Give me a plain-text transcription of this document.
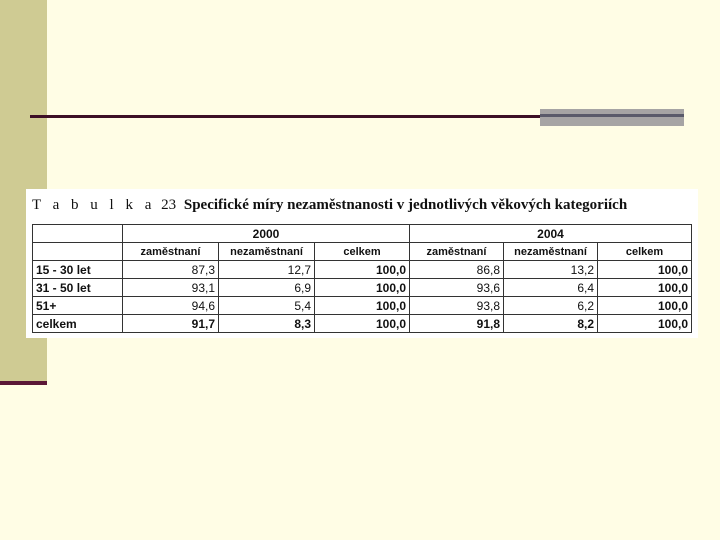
T a b u l k a 23 Specifické míry nezaměstnanosti v jednotlivých věkových kategoriích
	2000			2004		
	zaměstnaní	nezaměstnaní	celkem	zaměstnaní	nezaměstnaní	celkem
15 - 30 let	87,3	12,7	100,0	86,8	13,2	100,0
31 - 50 let	93,1	6,9	100,0	93,6	6,4	100,0
51+	94,6	5,4	100,0	93,8	6,2	100,0
celkem	91,7	8,3	100,0	91,8	8,2	100,0
